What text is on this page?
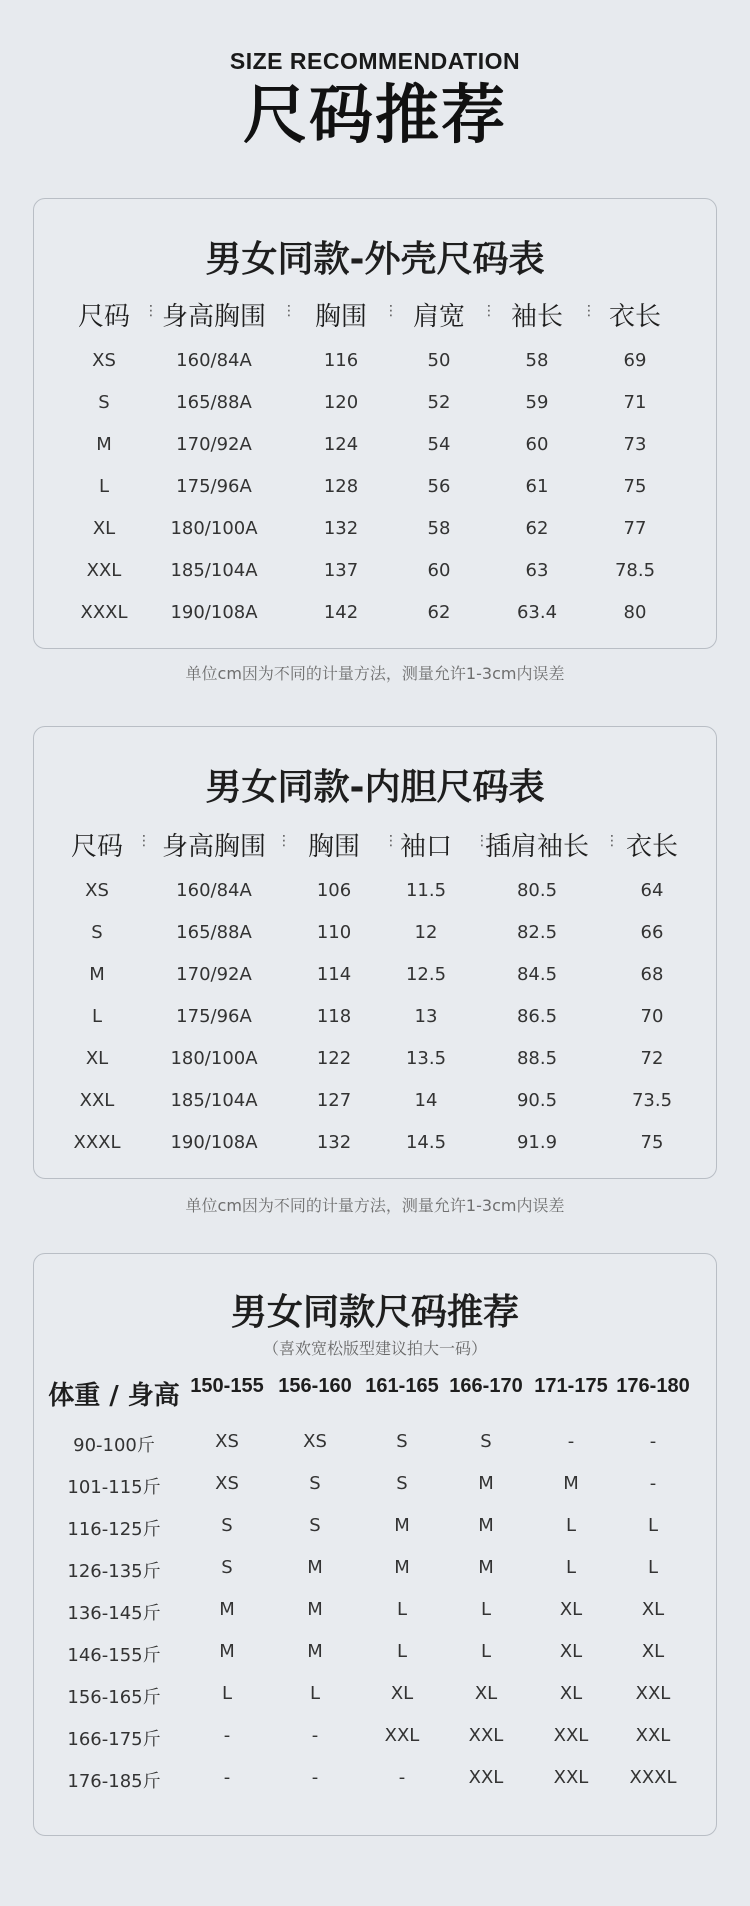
SIZE RECOMMENDATION
尺码推荐
男女同款-外壳尺码表
尺码 身高胸围 胸围 肩宽 袖长 衣长
⋮	⋮	⋮	⋮	⋮
XS	160/84A	116	50	58	69
S	165/88A	120	52	59	71
M	170/92A	124	54	60	73
L	175/96A	128	56	61	75
XL	180/100A	132	58	62	77
XXL	185/104A	137	60	63	78.5
XXXL 190/108A	142	62	63.4	80
单位cm因为不同的计量方法，测量允许1-3cm内误差
男女同款-内胆尺码表
尺码 身高胸围 胸围 袖口 插肩袖长 衣长
⋮	⋮	⋮	⋮	⋮
XS	160/84A	106	11.5	80.5	64
S	165/88A	110	12	82.5	66
M	170/92A	114	12.5	84.5	68
L	175/96A	118	13	86.5	70
XL	180/100A	122	13.5	88.5	72
XXL	185/104A	127	14	90.5	73.5
XXXL	190/108A	132	14.5	91.9	75
单位cm因为不同的计量方法，测量允许1-3cm内误差
男女同款尺码推荐
（喜欢宽松版型建议拍大一码）
体重 / 身高 150-155 156-160 161-165 166-170 171-175 176-180
90-100斤	XS	XS	S	S	-	-
101-115斤	XS	S	S	M	M	-
116-125斤	S	S	M	M	L	L
126-135斤	S	M	M	M	L	L
136-145斤	M	M	L	L	XL	XL
146-155斤	M	M	L	L	XL	XL
156-165斤	L	L	XL	XL	XL	XXL
166-175斤	-	-	XXL	XXL	XXL	XXL
176-185斤	-	-	-	XXL	XXL XXXL
